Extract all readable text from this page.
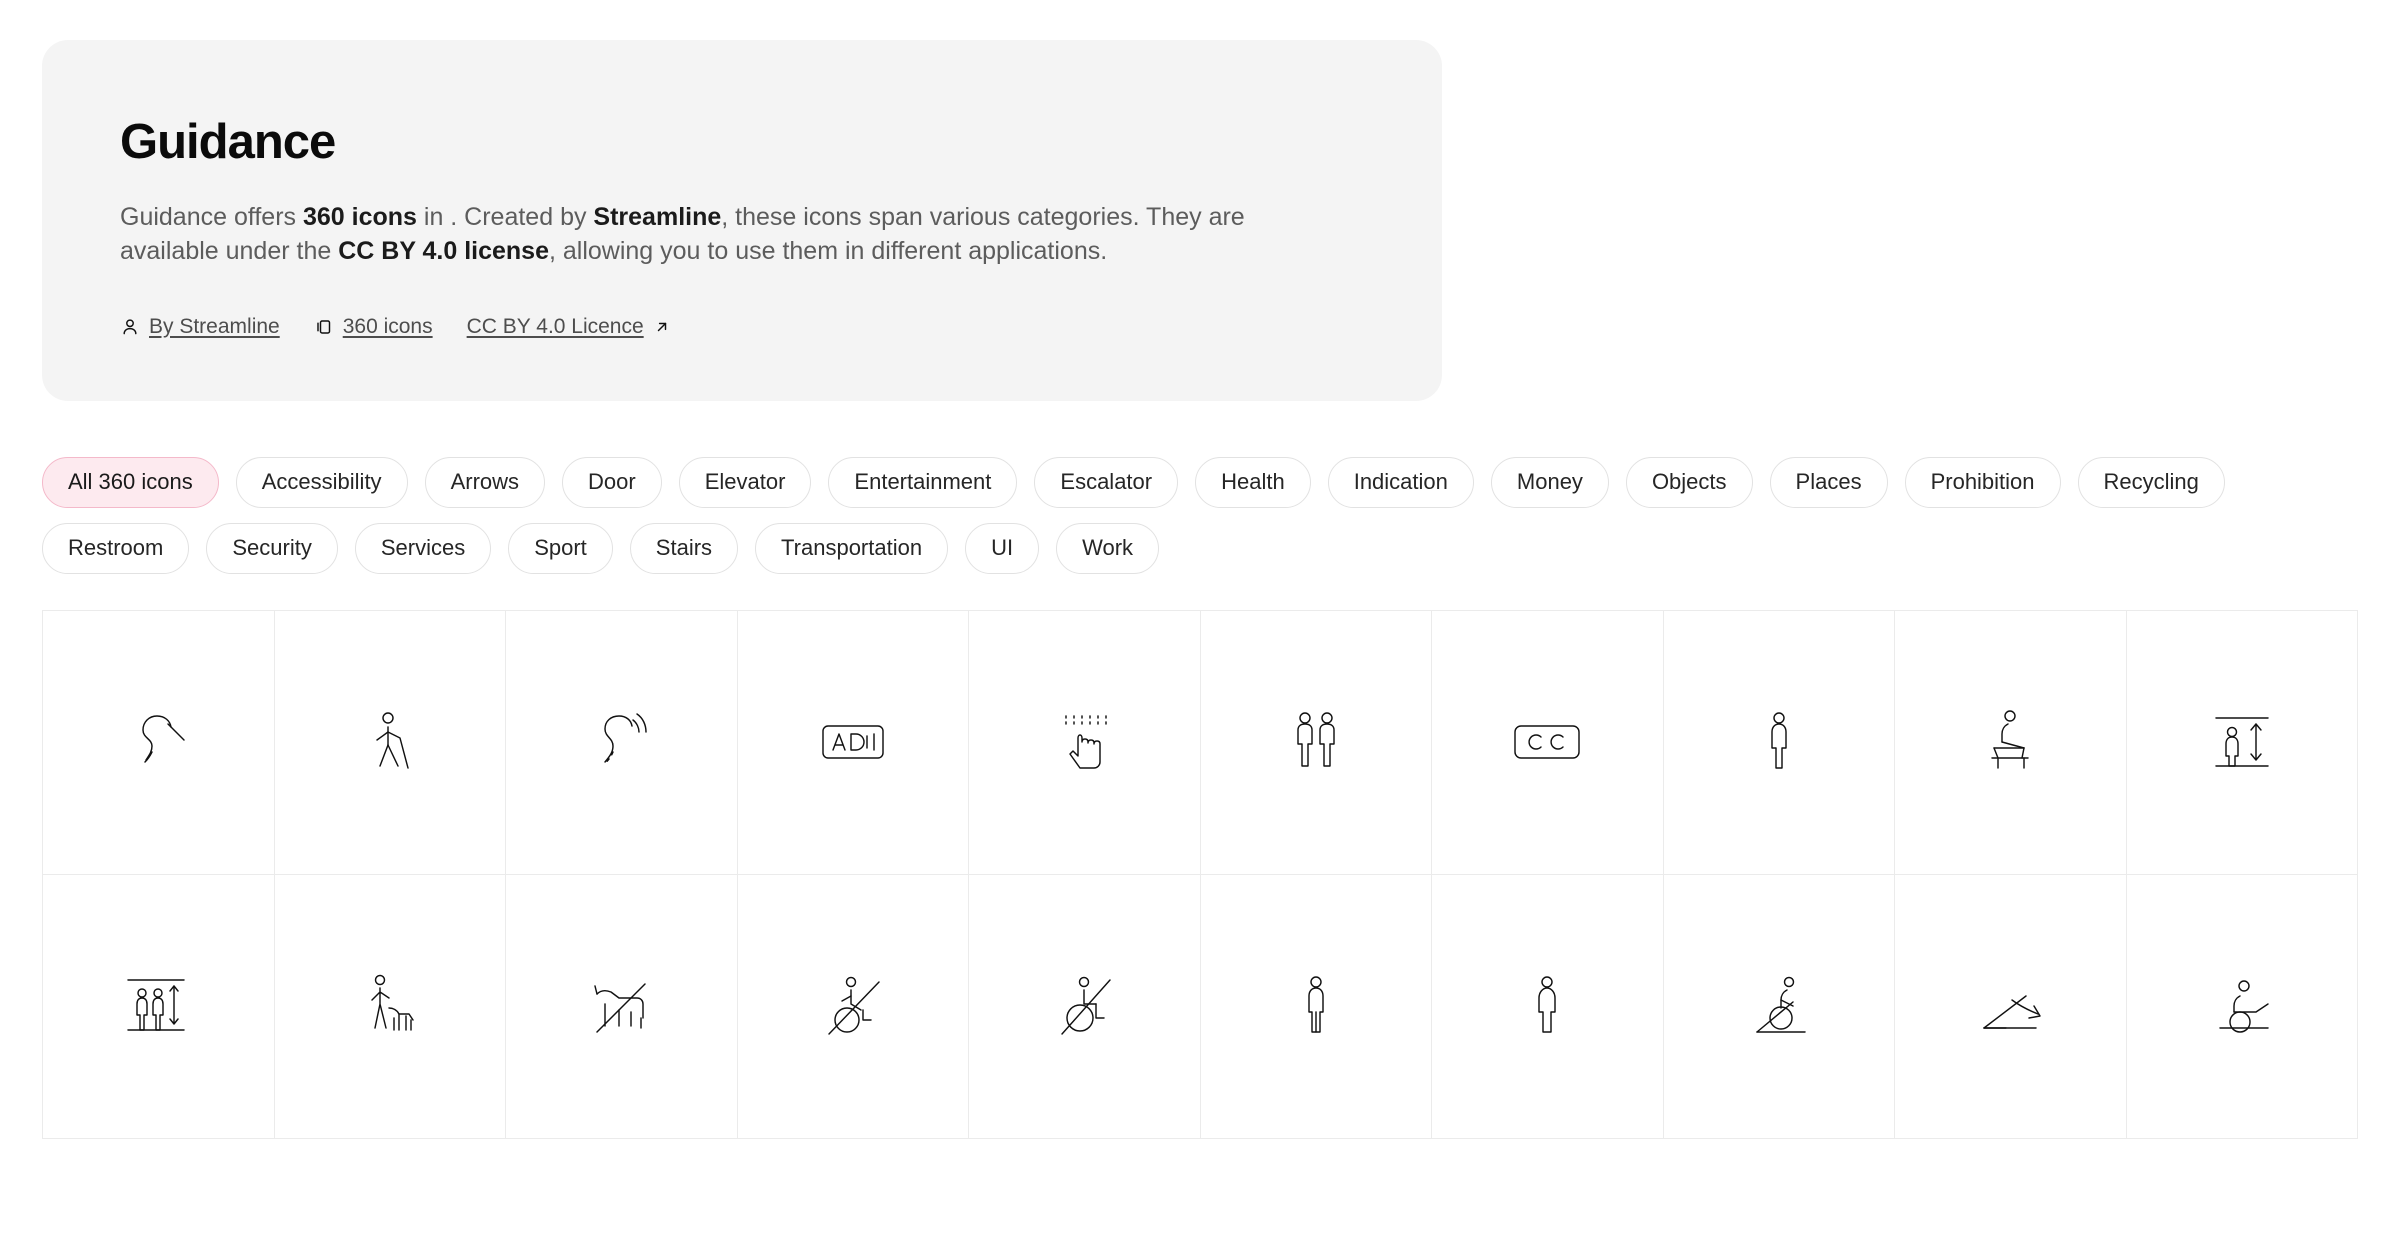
Guidance

Guidance offers 360 icons in . Created by Streamline, these icons span various categories. They are available under the CC BY 4.0 license, allowing you to use them in different applications.

By Streamline	360 icons CC BY 4.0 Licence
All 360 icons	Accessibility	Arrows	Door	Elevator	Entertainment	Escalator	Health	Indication	Money	Objects	Places	Prohibition	Recycling
Restroom	Security	Services	Sport	Stairs	Transportation	UI	Work
